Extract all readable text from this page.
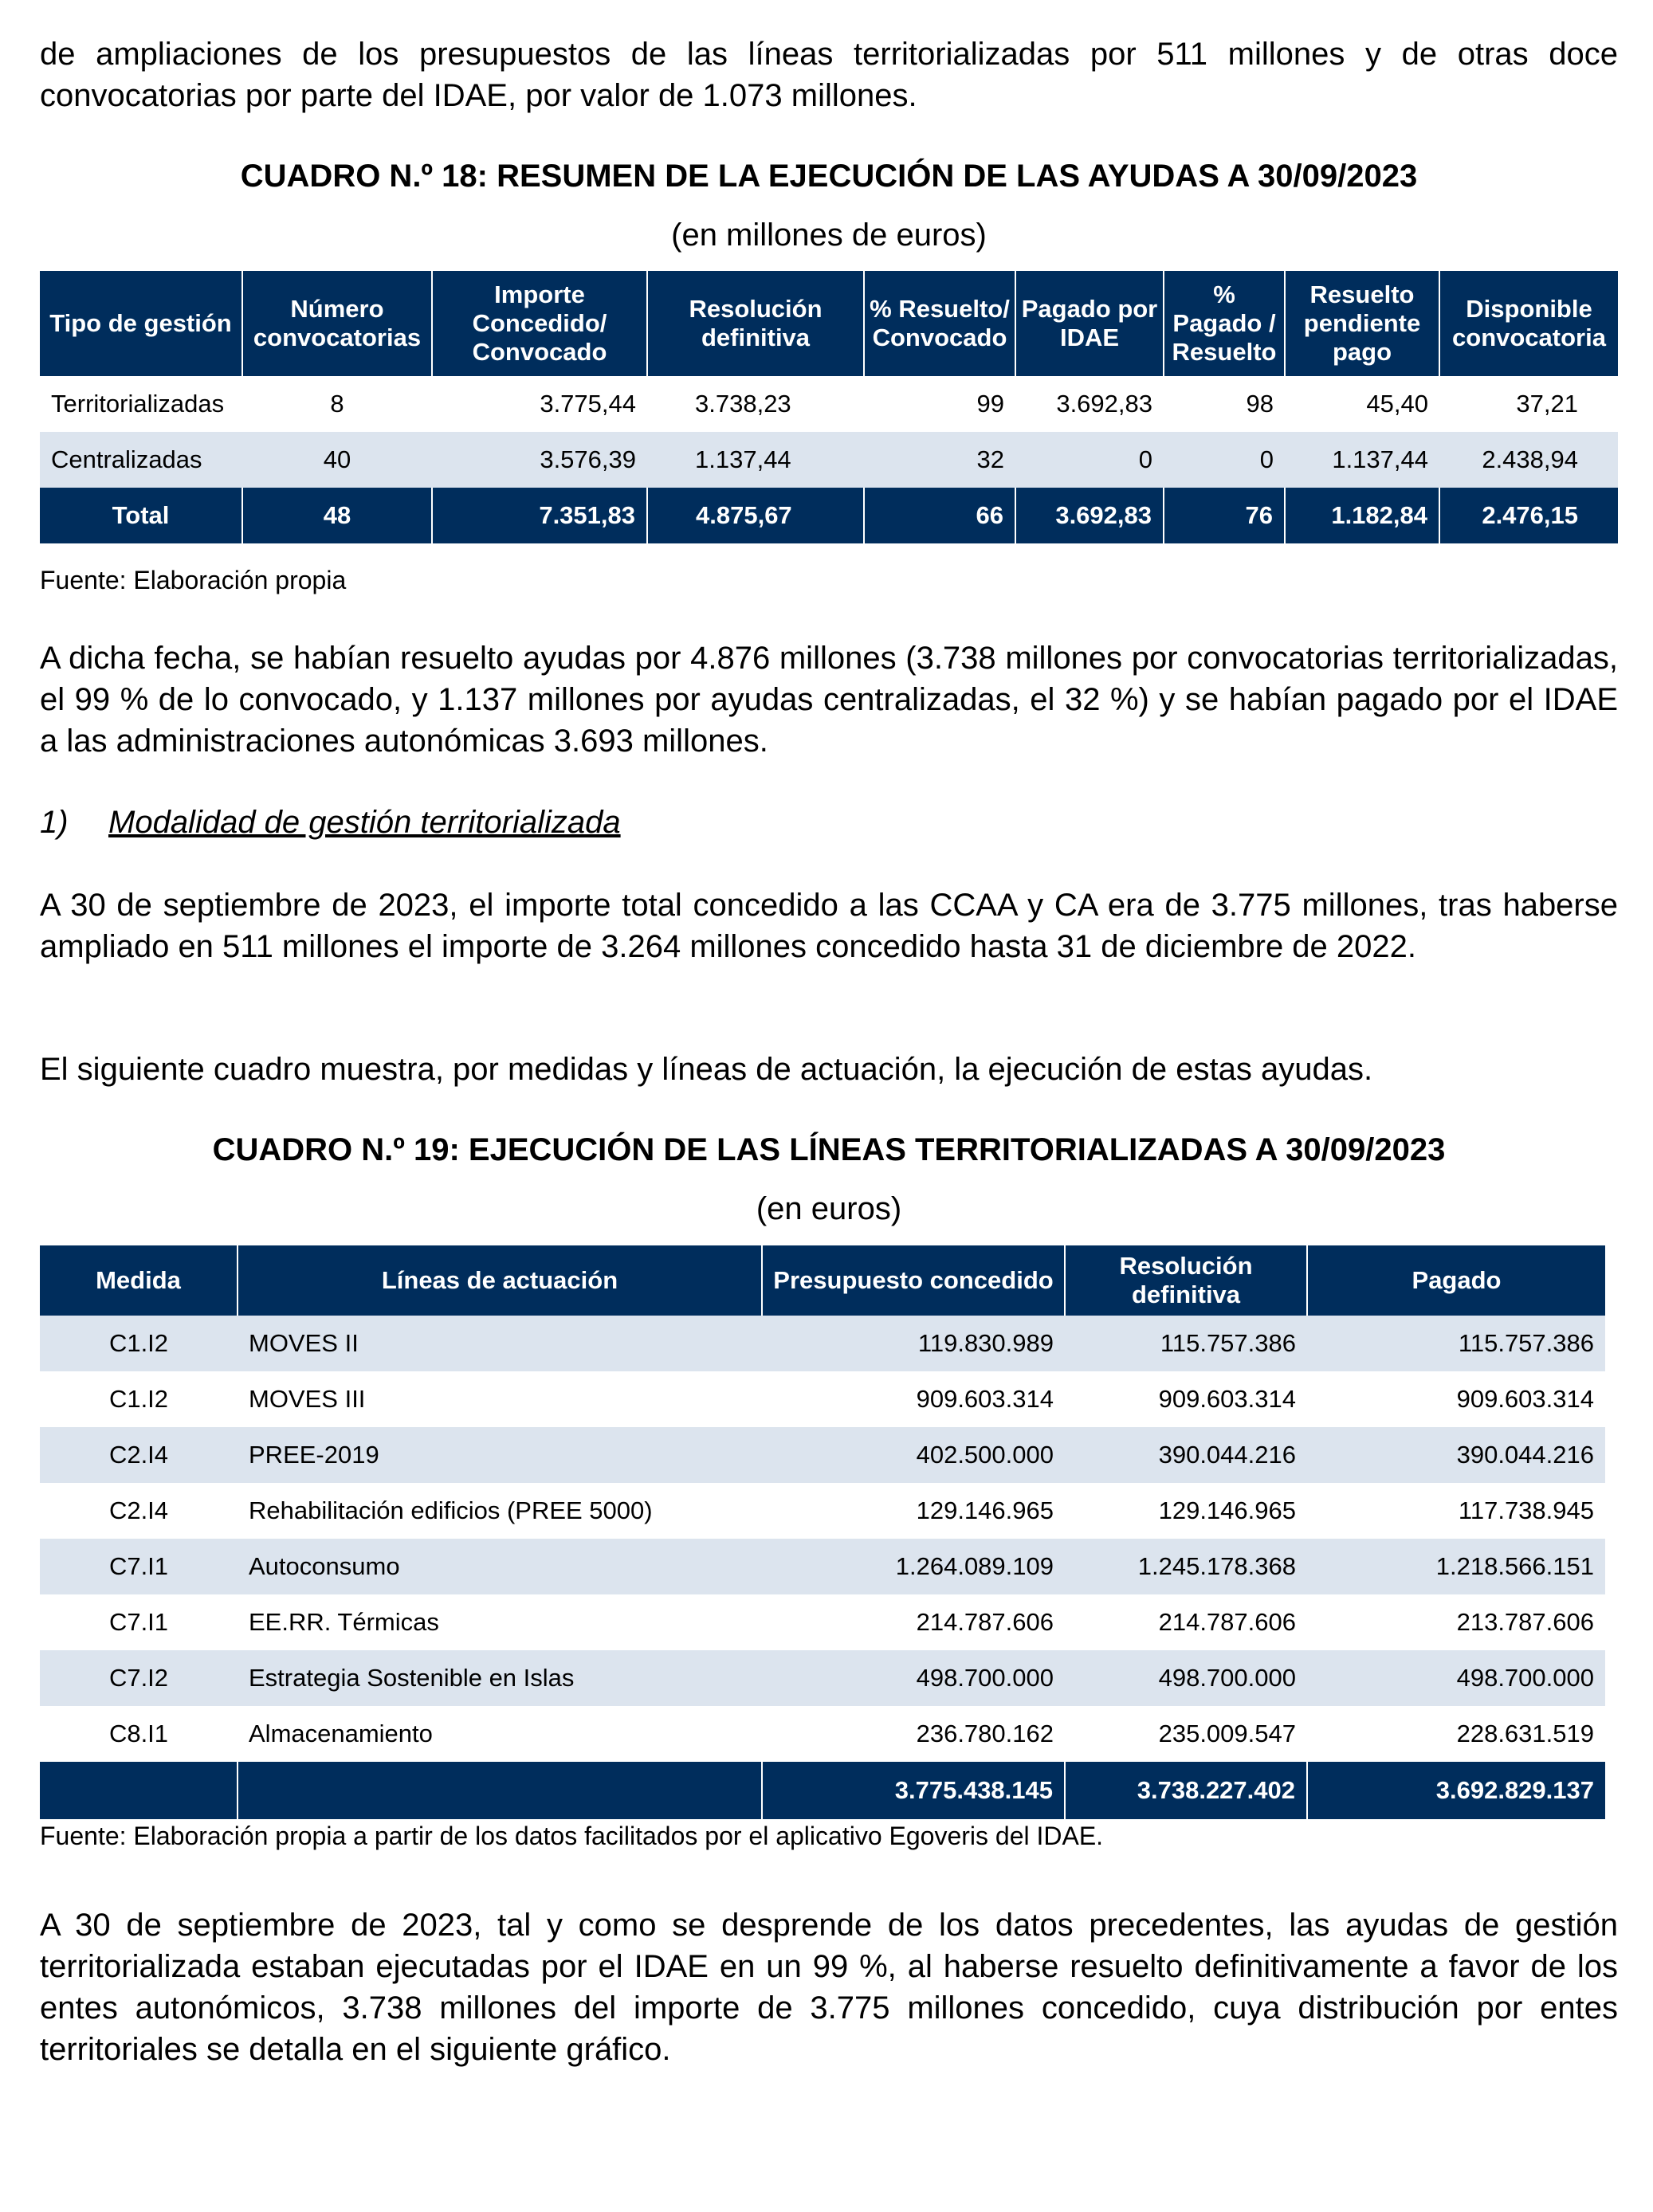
de ampliaciones de los presupuestos de las líneas territorializadas por 511 millones y de otras doce convocatorias por parte del IDAE, por valor de 1.073 millones.

CUADRO N.º 18: RESUMEN DE LA EJECUCIÓN DE LAS AYUDAS A 30/09/2023

(en millones de euros)

Tipo de gestión	Número convocatorias	Importe Concedido/ Convocado	Resolución definitiva	% Resuelto/ Convocado	Pagado por IDAE	% Pagado / Resuelto	Resuelto pendiente pago	Disponible convocatoria
Territorializadas	8	3.775,44	3.738,23	99	3.692,83	98	45,40	37,21
Centralizadas	40	3.576,39	1.137,44	32	0	0	1.137,44	2.438,94
Total	48	7.351,83	4.875,67	66	3.692,83	76	1.182,84	2.476,15

Fuente: Elaboración propia

A dicha fecha, se habían resuelto ayudas por 4.876 millones (3.738 millones por convocatorias territorializadas, el 99 % de lo convocado, y 1.137 millones por ayudas centralizadas, el 32 %) y se habían pagado por el IDAE a las administraciones autonómicas 3.693 millones.

1) Modalidad de gestión territorializada

A 30 de septiembre de 2023, el importe total concedido a las CCAA y CA era de 3.775 millones, tras haberse ampliado en 511 millones el importe de 3.264 millones concedido hasta 31 de diciembre de 2022.

El siguiente cuadro muestra, por medidas y líneas de actuación, la ejecución de estas ayudas.

CUADRO N.º 19: EJECUCIÓN DE LAS LÍNEAS TERRITORIALIZADAS A 30/09/2023

(en euros)

Medida	Líneas de actuación	Presupuesto concedido	Resolución definitiva	Pagado
C1.I2	MOVES II	119.830.989	115.757.386	115.757.386
C1.I2	MOVES III	909.603.314	909.603.314	909.603.314
C2.I4	PREE-2019	402.500.000	390.044.216	390.044.216
C2.I4	Rehabilitación edificios (PREE 5000)	129.146.965	129.146.965	117.738.945
C7.I1	Autoconsumo	1.264.089.109	1.245.178.368	1.218.566.151
C7.I1	EE.RR. Térmicas	214.787.606	214.787.606	213.787.606
C7.I2	Estrategia Sostenible en Islas	498.700.000	498.700.000	498.700.000
C8.I1	Almacenamiento	236.780.162	235.009.547	228.631.519
		3.775.438.145	3.738.227.402	3.692.829.137

Fuente: Elaboración propia a partir de los datos facilitados por el aplicativo Egoveris del IDAE.

A 30 de septiembre de 2023, tal y como se desprende de los datos precedentes, las ayudas de gestión territorializada estaban ejecutadas por el IDAE en un 99 %, al haberse resuelto definitivamente a favor de los entes autonómicos, 3.738 millones del importe de 3.775 millones concedido, cuya distribución por entes territoriales se detalla en el siguiente gráfico.
